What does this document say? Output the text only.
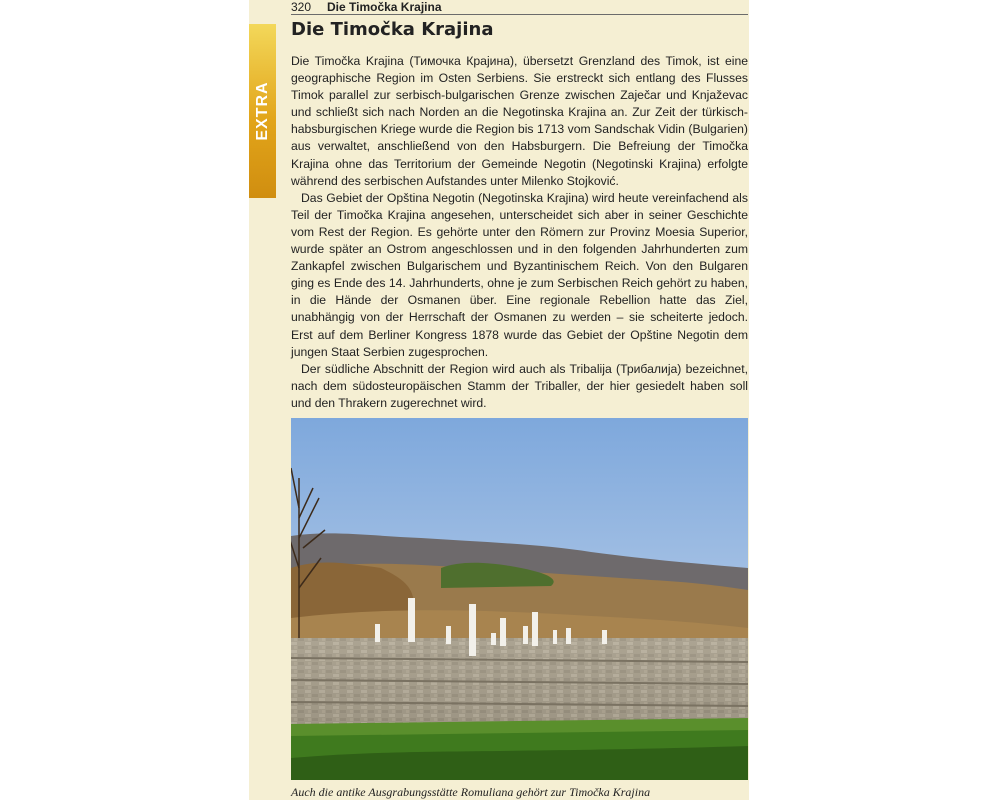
320 Die Timočka Krajina
EXTRA
Die Timočka Krajina

Die Timočka Krajina (Тимочка Крајина), übersetzt Grenzland des Timok, ist eine geographische Region im Osten Serbiens. Sie erstreckt sich entlang des Flusses Timok parallel zur serbisch-bulgarischen Grenze zwischen Zaječar und Knjaževac und schließt sich nach Norden an die Negotinska Krajina an. Zur Zeit der türkisch-habsburgischen Kriege wurde die Region bis 1713 vom Sandschak Vidin (Bulgarien) aus verwaltet, anschließend von den Habsburgern. Die Befreiung der Timočka Krajina ohne das Territorium der Gemeinde Negotin (Negotinski Krajina) erfolgte während des serbischen Aufstandes unter Milenko Stojković.

Das Gebiet der Opština Negotin (Negotinska Krajina) wird heute vereinfachend als Teil der Timočka Krajina angesehen, unterscheidet sich aber in seiner Geschichte vom Rest der Region. Es gehörte unter den Römern zur Provinz Moesia Superior, wurde später an Ostrom angeschlossen und in den folgenden Jahrhunderten zum Zankapfel zwischen Bulgarischem und Byzantinischem Reich. Von den Bulgaren ging es Ende des 14. Jahrhunderts, ohne je zum Serbischen Reich gehört zu haben, in die Hände der Osmanen über. Eine regionale Rebellion hatte das Ziel, unabhängig von der Herrschaft der Osmanen zu werden – sie scheiterte jedoch. Erst auf dem Berliner Kongress 1878 wurde das Gebiet der Opštine Negotin dem jungen Staat Serbien zugesprochen.

Der südliche Abschnitt der Region wird auch als Tribalija (Трибалија) bezeichnet, nach dem südosteuropäischen Stamm der Triballer, der hier gesiedelt haben soll und den Thrakern zugerechnet wird.

Auch die antike Ausgrabungsstätte Romuliana gehört zur Timočka Krajina
